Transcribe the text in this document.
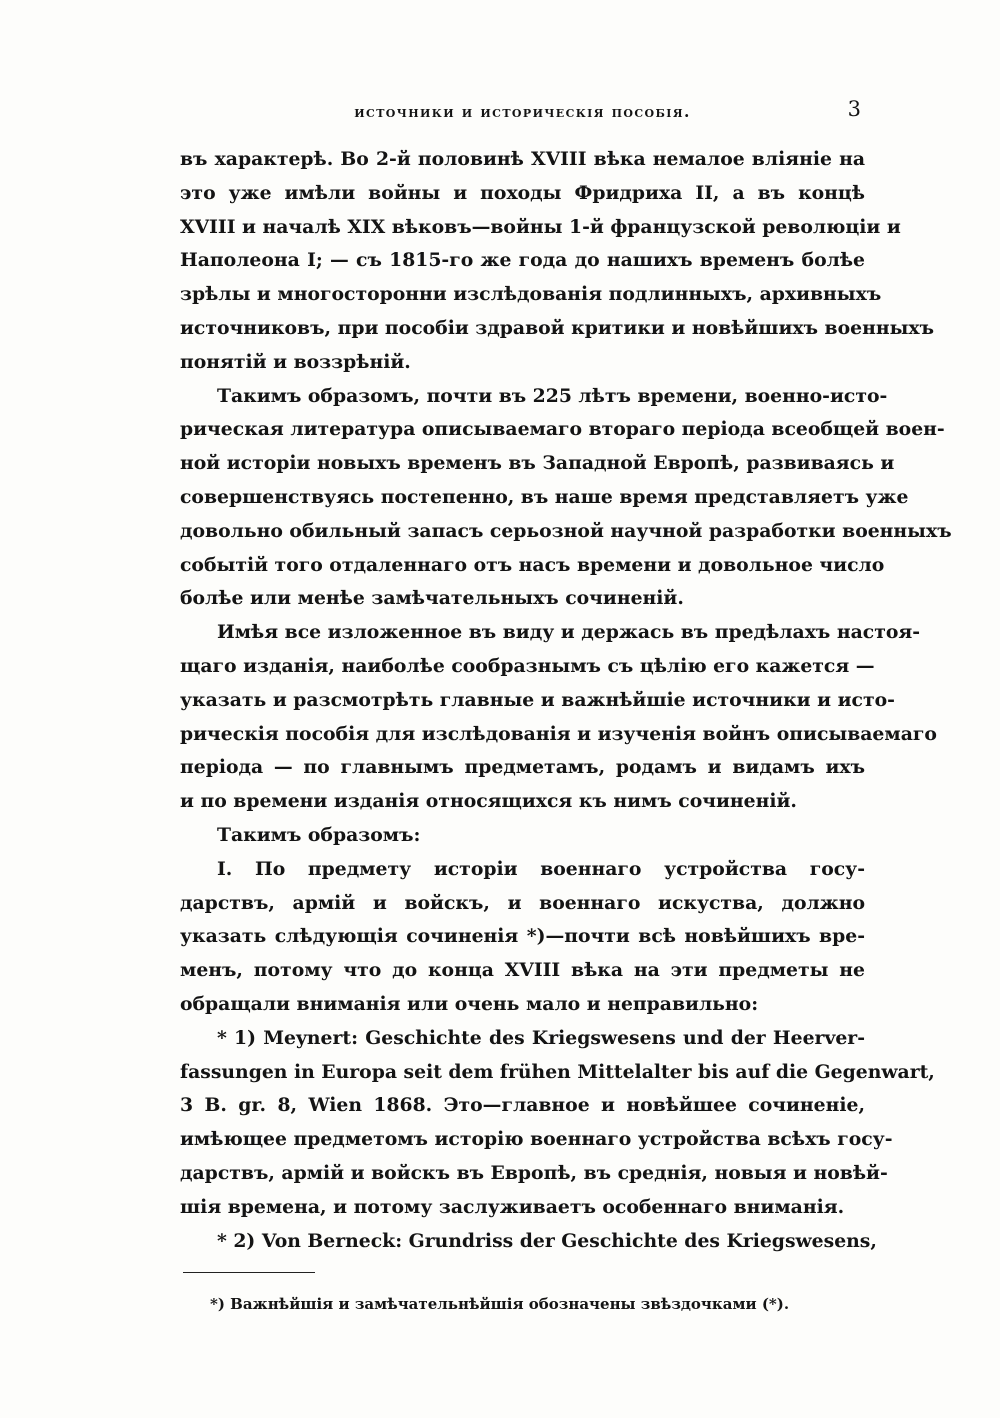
источники и историческія пособія.	3
въ характерѣ. Во 2-й половинѣ XVIII вѣка немалое вліяніе на
это уже имѣли войны и походы Фридриха II, а въ концѣ
XVIII и началѣ XIX вѣковъ—войны 1-й французской революціи и
Наполеона I; — съ 1815-го же года до нашихъ временъ болѣе
зрѣлы и многосторонни изслѣдованія подлинныхъ, архивныхъ
источниковъ, при пособіи здравой критики и новѣйшихъ военныхъ
понятій и воззрѣній.
Такимъ образомъ, почти въ 225 лѣтъ времени, военно-исто-
рическая литература описываемаго втораго періода всеобщей воен-
ной исторіи новыхъ временъ въ Западной Европѣ, развиваясь и
совершенствуясь постепенно, въ наше время представляетъ уже
довольно обильный запасъ серьозной научной разработки военныхъ
событій того отдаленнаго отъ насъ времени и довольное число
болѣе или менѣе замѣчательныхъ сочиненій.
Имѣя все изложенное въ виду и держась въ предѣлахъ настоя-
щаго изданія, наиболѣе сообразнымъ съ цѣлію его кажется —
указать и разсмотрѣть главные и важнѣйшіе источники и исто-
рическія пособія для изслѣдованія и изученія войнъ описываемаго
періода — по главнымъ предметамъ, родамъ и видамъ ихъ
и по времени изданія относящихся къ нимъ сочиненій.
Такимъ образомъ:
I. По предмету исторіи военнаго устройства госу-
дарствъ, армій и войскъ, и военнаго искуства, должно
указать слѣдующія сочиненія *)—почти всѣ новѣйшихъ вре-
менъ, потому что до конца XVIII вѣка на эти предметы не
обращали вниманія или очень мало и неправильно:
* 1) Meynert: Geschichte des Kriegswesens und der Heerver-
fassungen in Europa seit dem frühen Mittelalter bis auf die Gegenwart,
3 B. gr. 8, Wien 1868. Это—главное и новѣйшее сочиненіе,
имѣющее предметомъ исторію военнаго устройства всѣхъ госу-
дарствъ, армій и войскъ въ Европѣ, въ среднія, новыя и новѣй-
шія времена, и потому заслуживаетъ особеннаго вниманія.
* 2) Von Berneck: Grundriss der Geschichte des Kriegswesens,
*) Важнѣйшія и замѣчательнѣйшія обозначены звѣздочками (*).
